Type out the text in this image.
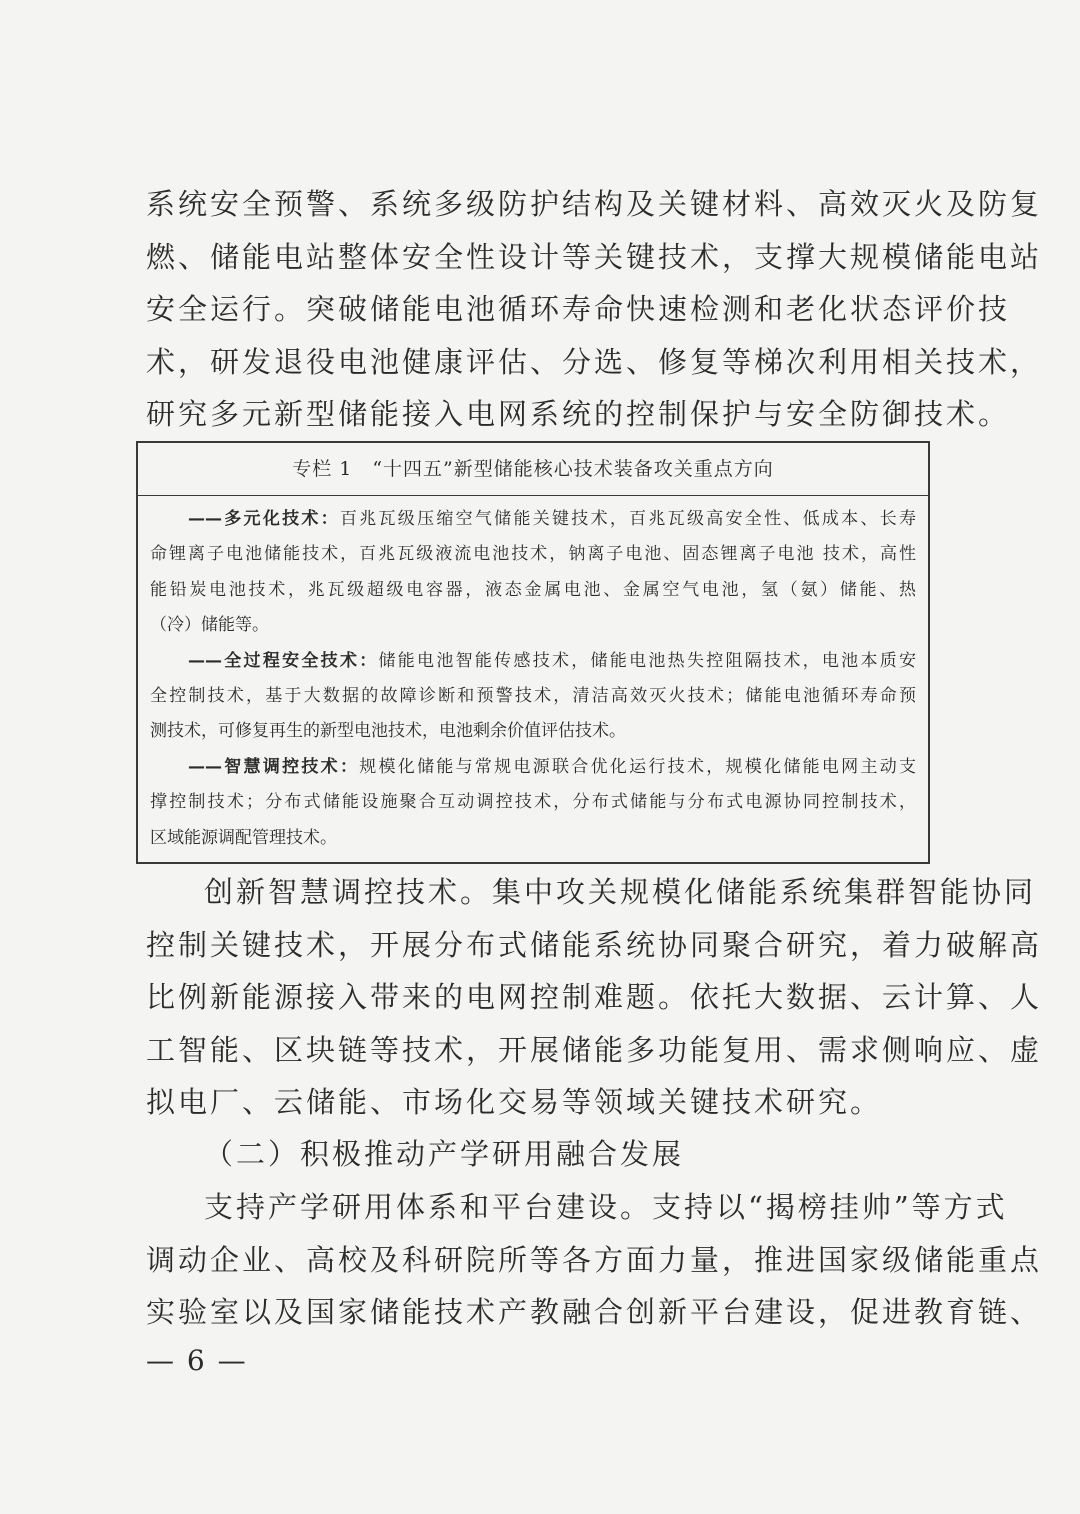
系统安全预警、系统多级防护结构及关键材料、高效灭火及防复
燃、储能电站整体安全性设计等关键技术，支撑大规模储能电站
安全运行。突破储能电池循环寿命快速检测和老化状态评价技
术，研发退役电池健康评估、分选、修复等梯次利用相关技术，
研究多元新型储能接入电网系统的控制保护与安全防御技术。
专栏 1　“十四五”新型储能核心技术装备攻关重点方向
——多元化技术：百兆瓦级压缩空气储能关键技术，百兆瓦级高安全性、低成本、长寿
命锂离子电池储能技术，百兆瓦级液流电池技术，钠离子电池、固态锂离子电池 技术，高性
能铅炭电池技术，兆瓦级超级电容器，液态金属电池、金属空气电池，氢（氨）储能、热
（冷）储能等。
——全过程安全技术：储能电池智能传感技术，储能电池热失控阻隔技术，电池本质安
全控制技术，基于大数据的故障诊断和预警技术，清洁高效灭火技术；储能电池循环寿命预
测技术，可修复再生的新型电池技术，电池剩余价值评估技术。
——智慧调控技术：规模化储能与常规电源联合优化运行技术，规模化储能电网主动支
撑控制技术；分布式储能设施聚合互动调控技术，分布式储能与分布式电源协同控制技术，
区域能源调配管理技术。
创新智慧调控技术。集中攻关规模化储能系统集群智能协同
控制关键技术，开展分布式储能系统协同聚合研究，着力破解高
比例新能源接入带来的电网控制难题。依托大数据、云计算、人
工智能、区块链等技术，开展储能多功能复用、需求侧响应、虚
拟电厂、云储能、市场化交易等领域关键技术研究。
（二）积极推动产学研用融合发展
支持产学研用体系和平台建设。支持以“揭榜挂帅”等方式
调动企业、高校及科研院所等各方面力量，推进国家级储能重点
实验室以及国家储能技术产教融合创新平台建设，促进教育链、
— 6 —
